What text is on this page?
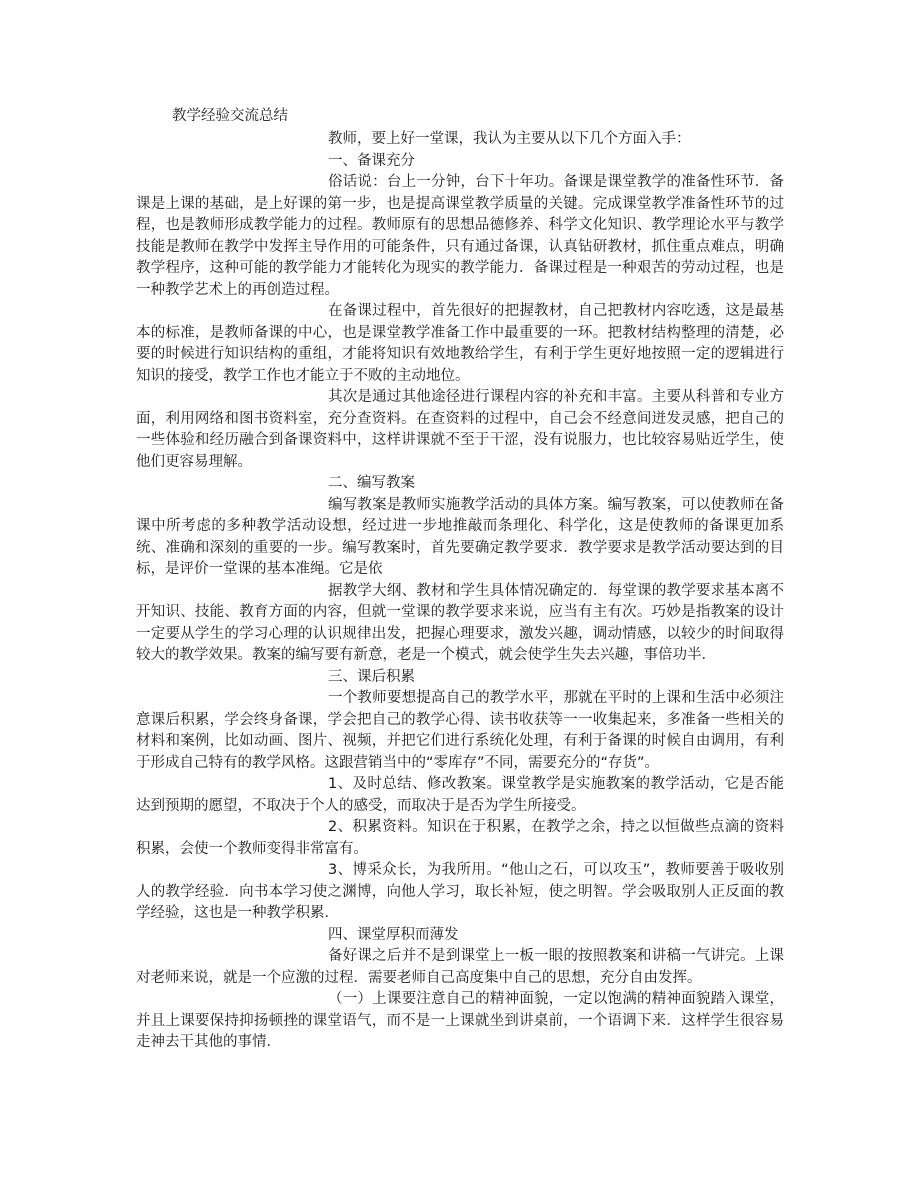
教学经验交流总结

教师，要上好一堂课，我认为主要从以下几个方面入手：

一、备课充分

俗话说：台上一分钟，台下十年功。备课是课堂教学的准备性环节．备课是上课的基础，是上好课的第一步，也是提高课堂教学质量的关键。完成课堂教学准备性环节的过程，也是教师形成教学能力的过程。教师原有的思想品德修养、科学文化知识、教学理论水平与教学技能是教师在教学中发挥主导作用的可能条件，只有通过备课，认真钻研教材，抓住重点难点，明确教学程序，这种可能的教学能力才能转化为现实的教学能力．备课过程是一种艰苦的劳动过程，也是一种教学艺术上的再创造过程。

在备课过程中，首先很好的把握教材，自己把教材内容吃透，这是最基本的标准，是教师备课的中心，也是课堂教学准备工作中最重要的一环。把教材结构整理的清楚，必要的时候进行知识结构的重组，才能将知识有效地教给学生，有利于学生更好地按照一定的逻辑进行知识的接受，教学工作也才能立于不败的主动地位。

其次是通过其他途径进行课程内容的补充和丰富。主要从科普和专业方面，利用网络和图书资料室，充分查资料。在查资料的过程中，自己会不经意间迸发灵感，把自己的一些体验和经历融合到备课资料中，这样讲课就不至于干涩，没有说服力，也比较容易贴近学生，使他们更容易理解。

二、编写教案

编写教案是教师实施教学活动的具体方案。编写教案，可以使教师在备课中所考虑的多种教学活动设想，经过进一步地推敲而条理化、科学化，这是使教师的备课更加系统、准确和深刻的重要的一步。编写教案时，首先要确定教学要求．教学要求是教学活动要达到的目标，是评价一堂课的基本准绳。它是依

据教学大纲、教材和学生具体情况确定的．每堂课的教学要求基本离不开知识、技能、教育方面的内容，但就一堂课的教学要求来说，应当有主有次。巧妙是指教案的设计一定要从学生的学习心理的认识规律出发，把握心理要求，激发兴趣，调动情感，以较少的时间取得较大的教学效果。教案的编写要有新意，老是一个模式，就会使学生失去兴趣，事倍功半．

三、课后积累

一个教师要想提高自己的教学水平，那就在平时的上课和生活中必须注意课后积累，学会终身备课，学会把自己的教学心得、读书收获等一一收集起来，多准备一些相关的材料和案例，比如动画、图片、视频，并把它们进行系统化处理，有利于备课的时候自由调用，有利于形成自己特有的教学风格。这跟营销当中的“零库存”不同，需要充分的“存货”。

1、及时总结、修改教案。课堂教学是实施教案的教学活动，它是否能达到预期的愿望，不取决于个人的感受，而取决于是否为学生所接受。

2、积累资料。知识在于积累，在教学之余，持之以恒做些点滴的资料积累，会使一个教师变得非常富有。

3、博采众长，为我所用。“他山之石，可以攻玉”，教师要善于吸收别人的教学经验．向书本学习使之渊博，向他人学习，取长补短，使之明智。学会吸取别人正反面的教学经验，这也是一种教学积累．

四、课堂厚积而薄发

备好课之后并不是到课堂上一板一眼的按照教案和讲稿一气讲完。上课对老师来说，就是一个应激的过程．需要老师自己高度集中自己的思想，充分自由发挥。

（一）上课要注意自己的精神面貌，一定以饱满的精神面貌踏入课堂，并且上课要保持抑扬顿挫的课堂语气，而不是一上课就坐到讲桌前，一个语调下来．这样学生很容易走神去干其他的事情．
